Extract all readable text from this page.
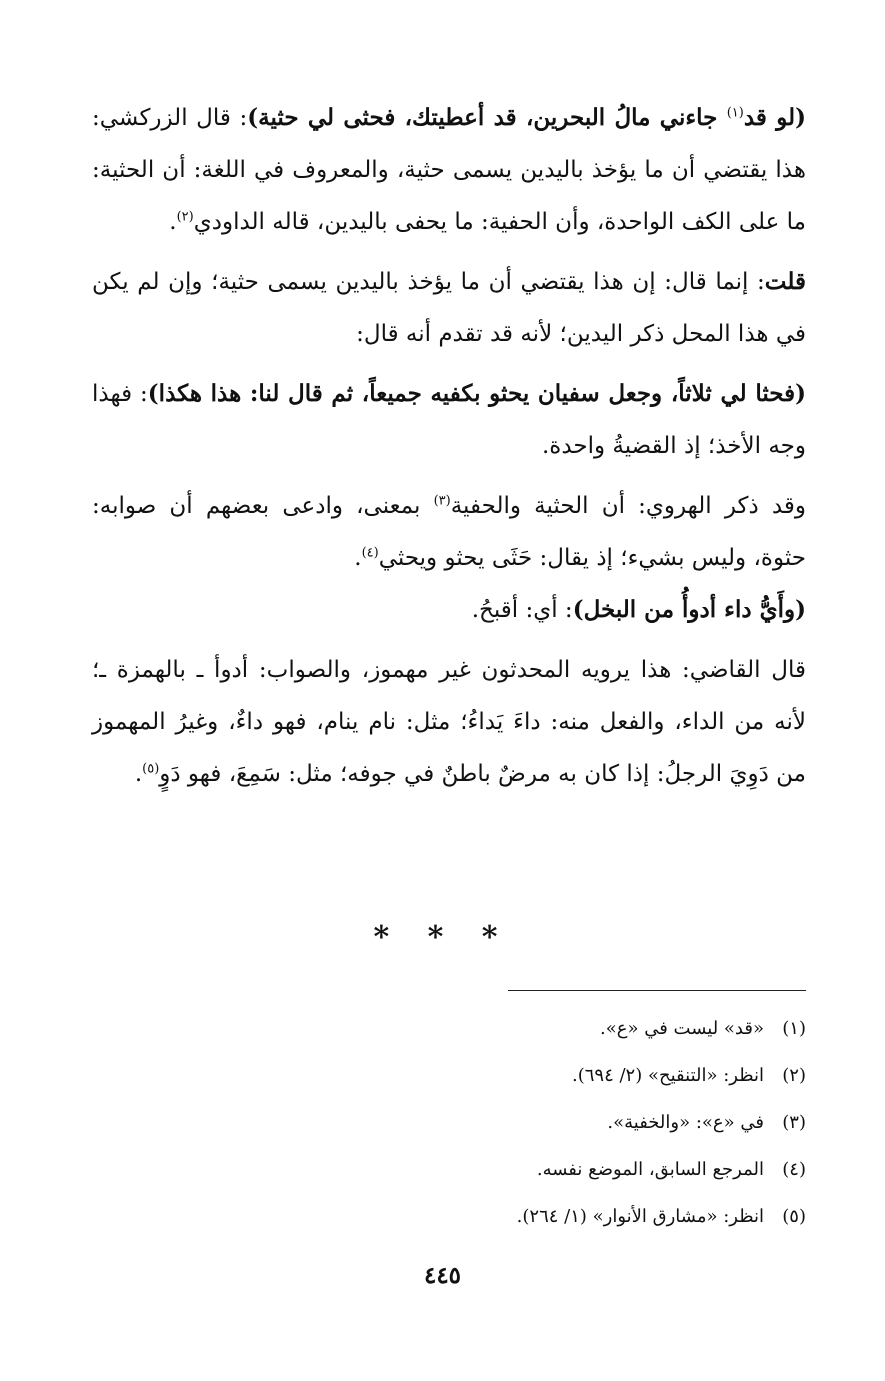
(لو قد$^{(١)}$ جاءني مالُ البحرين، قد أعطيتك، فحثى لي حثية): قال الزركشي: هذا يقتضي أن ما يؤخذ باليدين يسمى حثية، والمعروف في اللغة: أن الحثية: ما على الكف الواحدة، وأن الحفية: ما يحفى باليدين، قاله الداودي$^{(٢)}$.

قلت: إنما قال: إن هذا يقتضي أن ما يؤخذ باليدين يسمى حثية؛ وإن لم يكن في هذا المحل ذكر اليدين؛ لأنه قد تقدم أنه قال:

(فحثا لي ثلاثاً، وجعل سفيان يحثو بكفيه جميعاً، ثم قال لنا: هذا هكذا): فهذا وجه الأخذ؛ إذ القضيةُ واحدة.

وقد ذكر الهروي: أن الحثية والحفية$^{(٣)}$ بمعنى، وادعى بعضهم أن صوابه: حثوة، وليس بشيء؛ إذ يقال: حَثَى يحثو ويحثي$^{(٤)}$.

(وأَيُّ داء أدوأُ من البخل): أي: أقبحُ.

قال القاضي: هذا يرويه المحدثون غير مهموز، والصواب: أدوأ ـ بالهمزة ـ؛ لأنه من الداء، والفعل منه: داءَ يَداءُ؛ مثل: نام ينام، فهو داءٌ، وغيرُ المهموز من دَوِيَ الرجلُ: إذا كان به مرضٌ باطنٌ في جوفه؛ مثل: سَمِعَ، فهو دَوٍ$^{(٥)}$.

* * *
(١)
«قد» ليست في «ع».
(٢)
انظر: «التنقيح» (٢/ ٦٩٤).
(٣)
في «ع»: «والخفية».
(٤)
المرجع السابق، الموضع نفسه.
(٥)
انظر: «مشارق الأنوار» (١/ ٢٦٤).
٤٤٥
